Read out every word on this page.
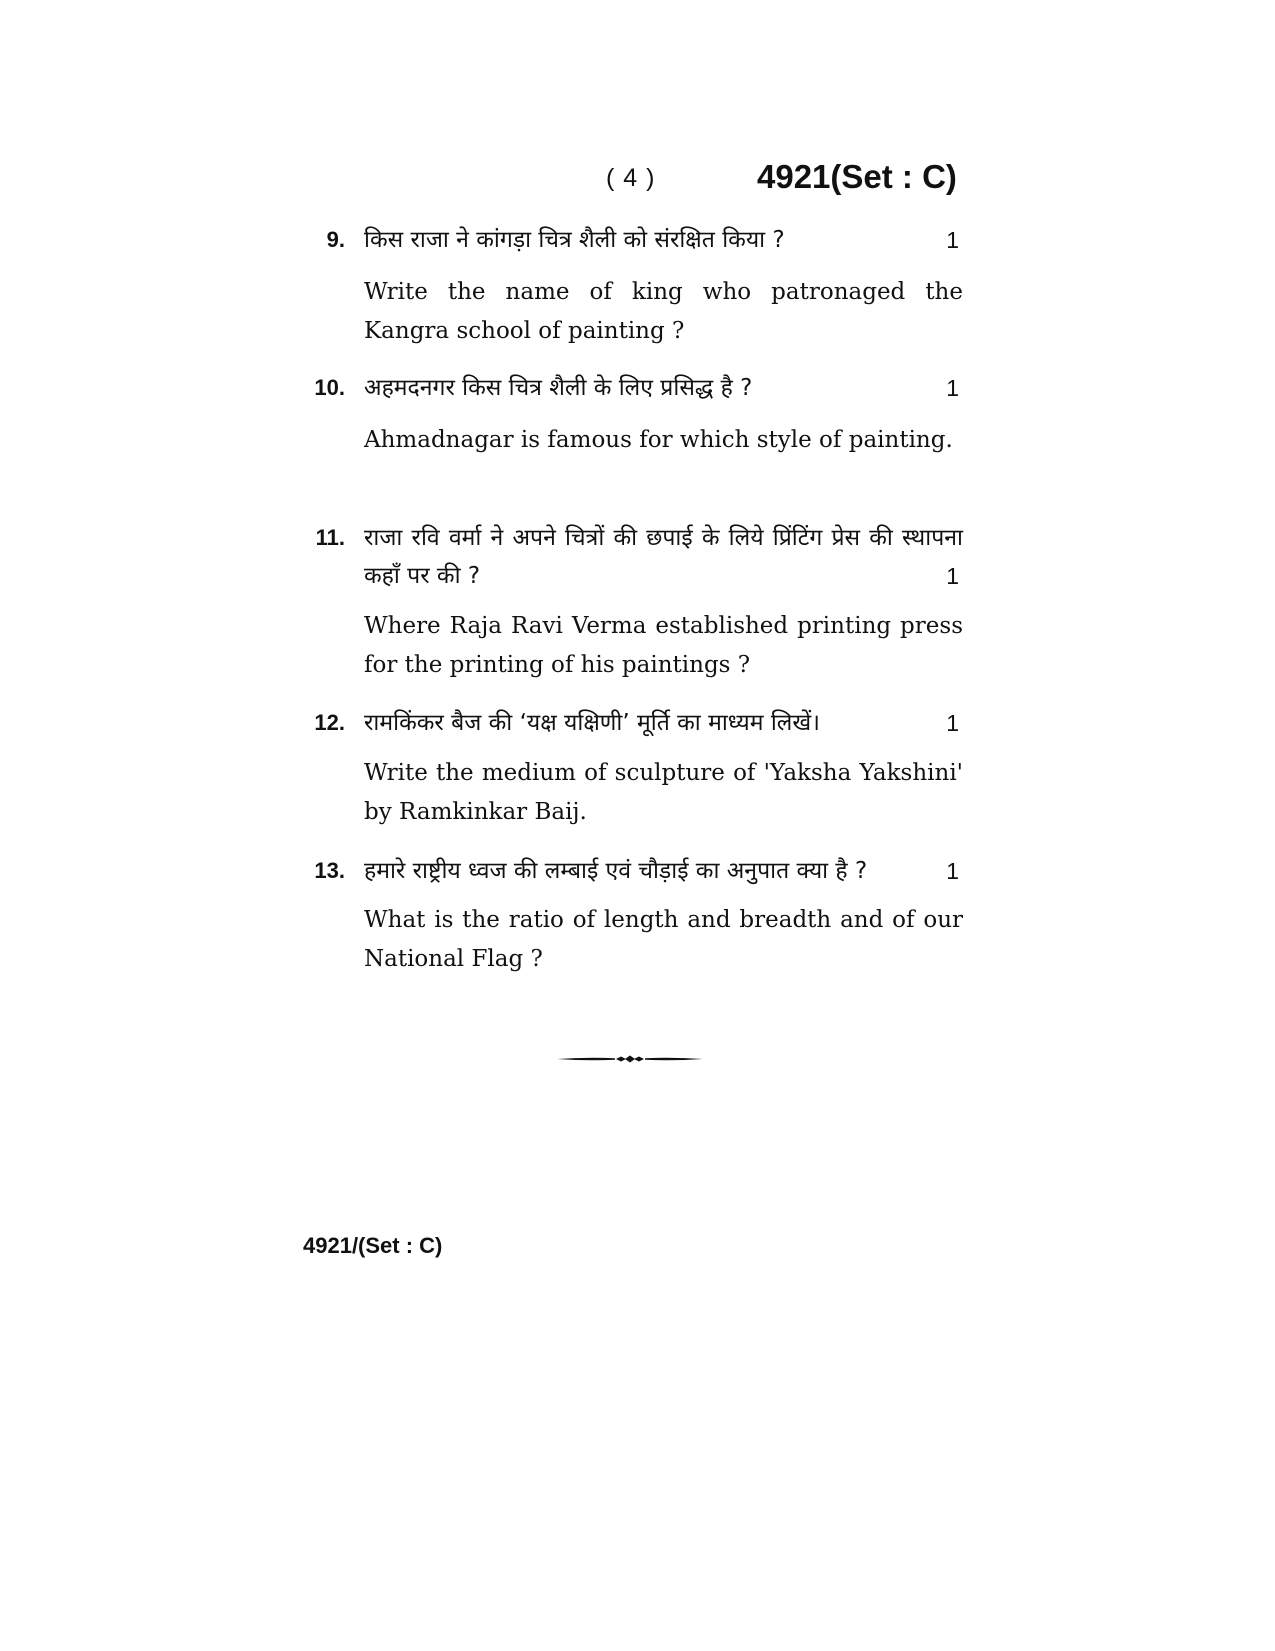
( 4 )	4921(Set : C)
9. किस राजा ने कांगड़ा चित्र शैली को संरक्षित किया ?	1
Write the name of king who patronaged the Kangra school of painting ?
10. अहमदनगर किस चित्र शैली के लिए प्रसिद्ध है ?	1
Ahmadnagar is famous for which style of painting.
11. राजा रवि वर्मा ने अपने चित्रों की छपाई के लिये प्रिंटिंग प्रेस की स्थापना कहाँ पर की ?	1
Where Raja Ravi Verma established printing press for the printing of his paintings ?
12. रामकिंकर बैज की ‘यक्ष यक्षिणी’ मूर्ति का माध्यम लिखें।	1
Write the medium of sculpture of 'Yaksha Yakshini' by Ramkinkar Baij.
13. हमारे राष्ट्रीय ध्वज की लम्बाई एवं चौड़ाई का अनुपात क्या है ?	1
What is the ratio of length and breadth and of our National Flag ?
4921/(Set : C)
